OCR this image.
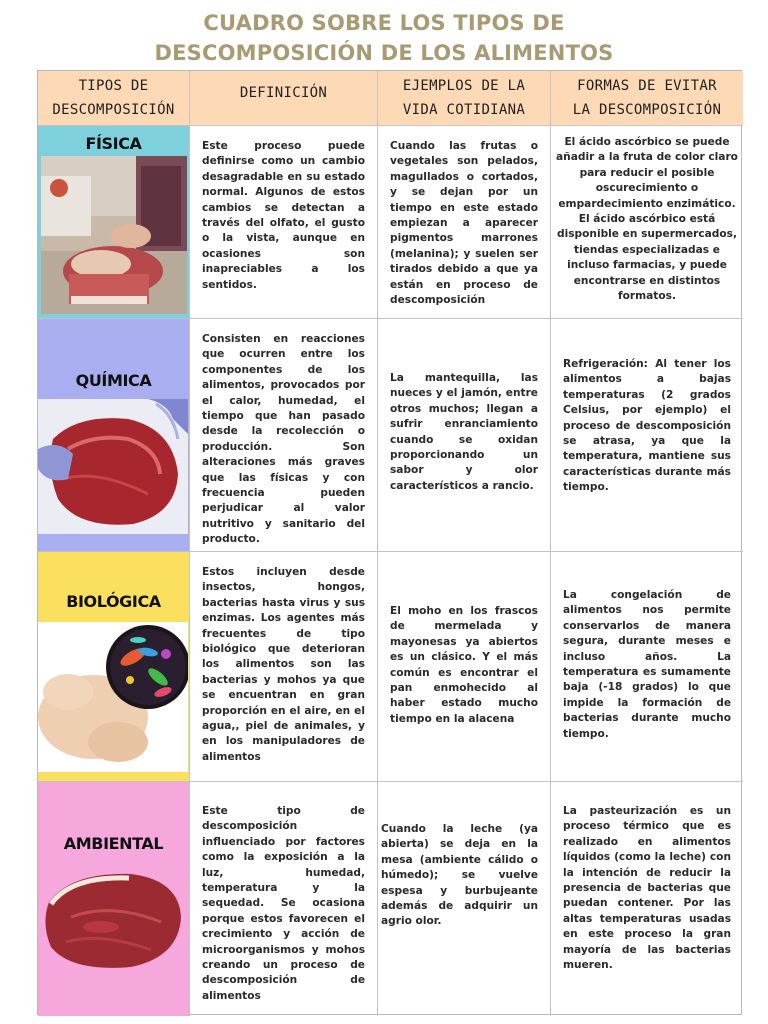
CUADRO SOBRE LOS TIPOS DE
DESCOMPOSICIÓN DE LOS ALIMENTOS
TIPOS DE
DESCOMPOSICIÓN
DEFINICIÓN	EJEMPLOS DE LA
VIDA COTIDIANA
FORMAS DE EVITAR
LA DESCOMPOSICIÓN
FÍSICA	Este proceso puede definirse como un cambio desagradable en su estado normal. Algunos de estos cambios se detectan a través del olfato, el gusto o la vista, aunque en ocasiones son inapreciables a los sentidos.
Cuando las frutas o vegetales son pelados, magullados o cortados, y se dejan por un tiempo en este estado empiezan a aparecer pigmentos marrones (melanina); y suelen ser tirados debido a que ya están en proceso de descomposición
El ácido ascórbico se puede añadir a la fruta de color claro para reducir el posible oscurecimiento o empardecimiento enzimático. El ácido ascórbico está disponible en supermercados, tiendas especializadas e incluso farmacias, y puede encontrarse en distintos formatos.
QUÍMICA
Consisten en reacciones que ocurren entre los componentes de los alimentos, provocados por el calor, humedad, el tiempo que han pasado desde la recolección o producción. Son alteraciones más graves que las físicas y con frecuencia pueden perjudicar al valor nutritivo y sanitario del producto.
La mantequilla, las nueces y el jamón, entre otros muchos; llegan a sufrir enranciamiento cuando se oxidan proporcionando un sabor y olor característicos a rancio.
Refrigeración: Al tener los alimentos a bajas temperaturas (2 grados Celsius, por ejemplo) el proceso de descomposición se atrasa, ya que la temperatura, mantiene sus características durante más tiempo.
BIOLÓGICA
Estos incluyen desde insectos, hongos, bacterias hasta virus y sus enzimas. Los agentes más frecuentes de tipo biológico que deterioran los alimentos son las bacterias y mohos ya que se encuentran en gran proporción en el aire, en el agua,, piel de animales, y en los manipuladores de alimentos
El moho en los frascos de mermelada y mayonesas ya abiertos es un clásico. Y el más común es encontrar el pan enmohecido al haber estado mucho tiempo en la alacena
La congelación de alimentos nos permite conservarlos de manera segura, durante meses e incluso años. La temperatura es sumamente baja (-18 grados) lo que impide la formación de bacterias durante mucho tiempo.
AMBIENTAL
Este tipo de descomposición influenciado por factores como la exposición a la luz, humedad, temperatura y la sequedad. Se ocasiona porque estos favorecen el crecimiento y acción de microorganismos y mohos creando un proceso de descomposición de alimentos
Cuando la leche (ya abierta) se deja en la mesa (ambiente cálido o húmedo); se vuelve espesa y burbujeante además de adquirir un agrio olor.
La pasteurización es un proceso térmico que es realizado en alimentos líquidos (como la leche) con la intención de reducir la presencia de bacterias que puedan contener. Por las altas temperaturas usadas en este proceso la gran mayoría de las bacterias mueren.
